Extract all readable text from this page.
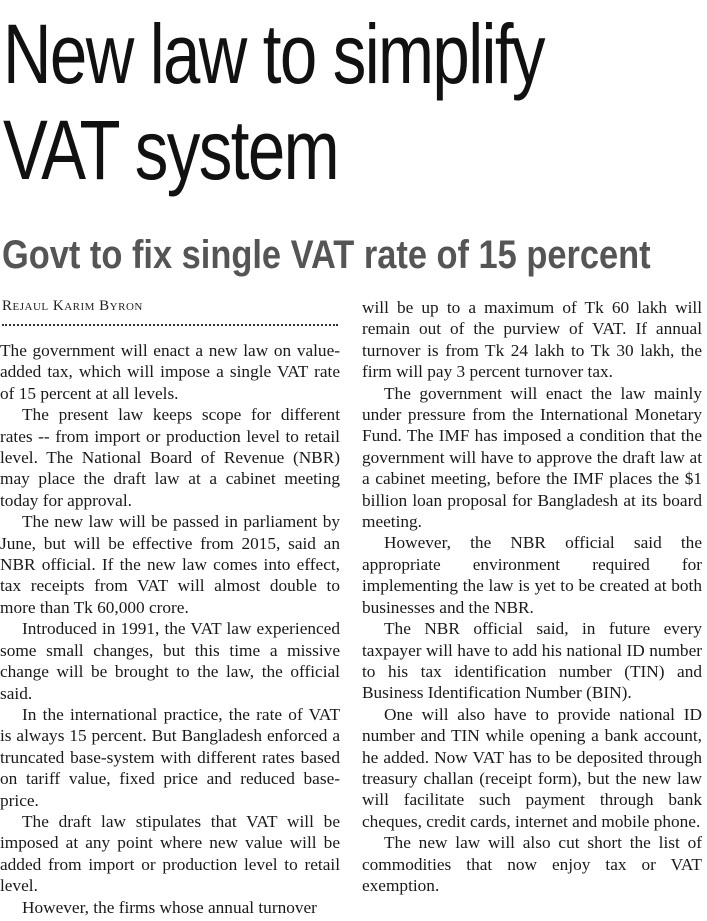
New law to simplify
VAT system
Govt to fix single VAT rate of 15 percent
Rejaul Karim Byron

The government will enact a new law on value-added tax, which will impose a single VAT rate of 15 percent at all levels.

The present law keeps scope for different rates -- from import or production level to retail level. The National Board of Revenue (NBR) may place the draft law at a cabinet meeting today for approval.

The new law will be passed in parliament by June, but will be effective from 2015, said an NBR official. If the new law comes into effect, tax receipts from VAT will almost double to more than Tk 60,000 crore.

Introduced in 1991, the VAT law experienced some small changes, but this time a missive change will be brought to the law, the official said.

In the international practice, the rate of VAT is always 15 percent. But Bangladesh enforced a truncated base-system with different rates based on tariff value, fixed price and reduced base-price.

The draft law stipulates that VAT will be imposed at any point where new value will be added from import or production level to retail level.

However, the firms whose annual turnover

will be up to a maximum of Tk 60 lakh will remain out of the purview of VAT. If annual turnover is from Tk 24 lakh to Tk 30 lakh, the firm will pay 3 percent turnover tax.

The government will enact the law mainly under pressure from the International Monetary Fund. The IMF has imposed a condition that the government will have to approve the draft law at a cabinet meeting, before the IMF places the $1 billion loan proposal for Bangladesh at its board meeting.

However, the NBR official said the appropriate environment required for implementing the law is yet to be created at both businesses and the NBR.

The NBR official said, in future every taxpayer will have to add his national ID number to his tax identification number (TIN) and Business Identification Number (BIN).

One will also have to provide national ID number and TIN while opening a bank account, he added. Now VAT has to be deposited through treasury challan (receipt form), but the new law will facilitate such payment through bank cheques, credit cards, internet and mobile phone.

The new law will also cut short the list of commodities that now enjoy tax or VAT exemption.
